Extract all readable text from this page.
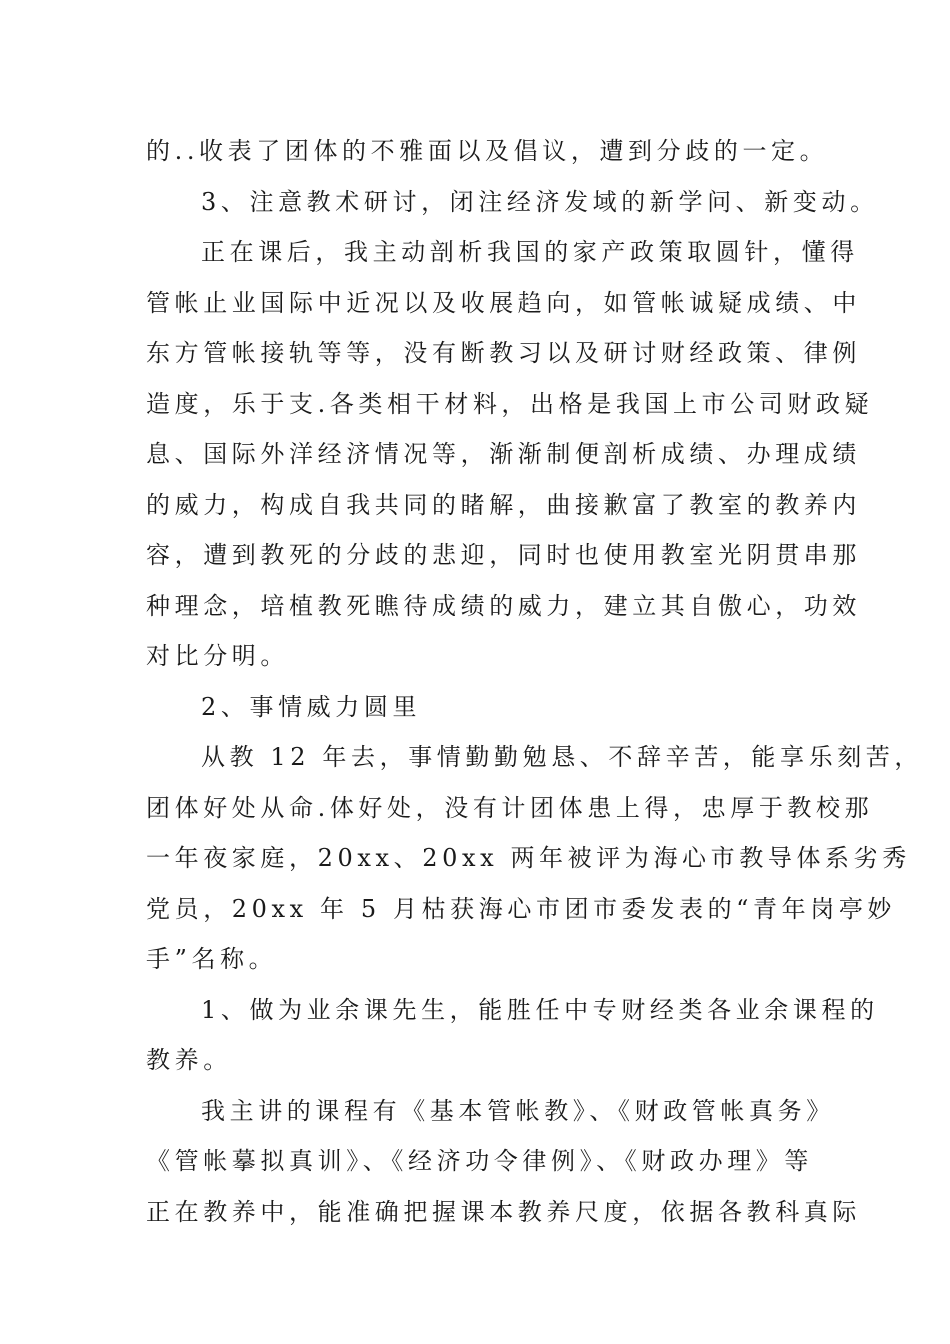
的..收表了团体的不雅面以及倡议，遭到分歧的一定。
3、注意教术研讨，闭注经济发域的新学问、新变动。
正在课后，我主动剖析我国的家产政策取圆针，懂得
管帐止业国际中近况以及收展趋向，如管帐诚疑成绩、中
东方管帐接轨等等，没有断教习以及研讨财经政策、律例
造度，乐于支.各类相干材料，出格是我国上市公司财政疑
息、国际外洋经济情况等，渐渐制便剖析成绩、办理成绩
的威力，构成自我共同的睹解，曲接歉富了教室的教养内
容，遭到教死的分歧的悲迎，同时也使用教室光阴贯串那
种理念，培植教死瞧待成绩的威力，建立其自傲心，功效
对比分明。
2、事情威力圆里
从教 12 年去，事情勤勤勉恳、不辞辛苦，能享乐刻苦，
团体好处从命.体好处，没有计团体患上得，忠厚于教校那
一年夜家庭，20xx、20xx 两年被评为海心市教导体系劣秀
党员，20xx 年 5 月枯获海心市团市委发表的“青年岗亭妙
手”名称。
1、做为业余课先生，能胜任中专财经类各业余课程的
教养。
我主讲的课程有《基本管帐教》、《财政管帐真务》
《管帐摹拟真训》、《经济功令律例》、《财政办理》等
正在教养中，能准确把握课本教养尺度，依据各教科真际
